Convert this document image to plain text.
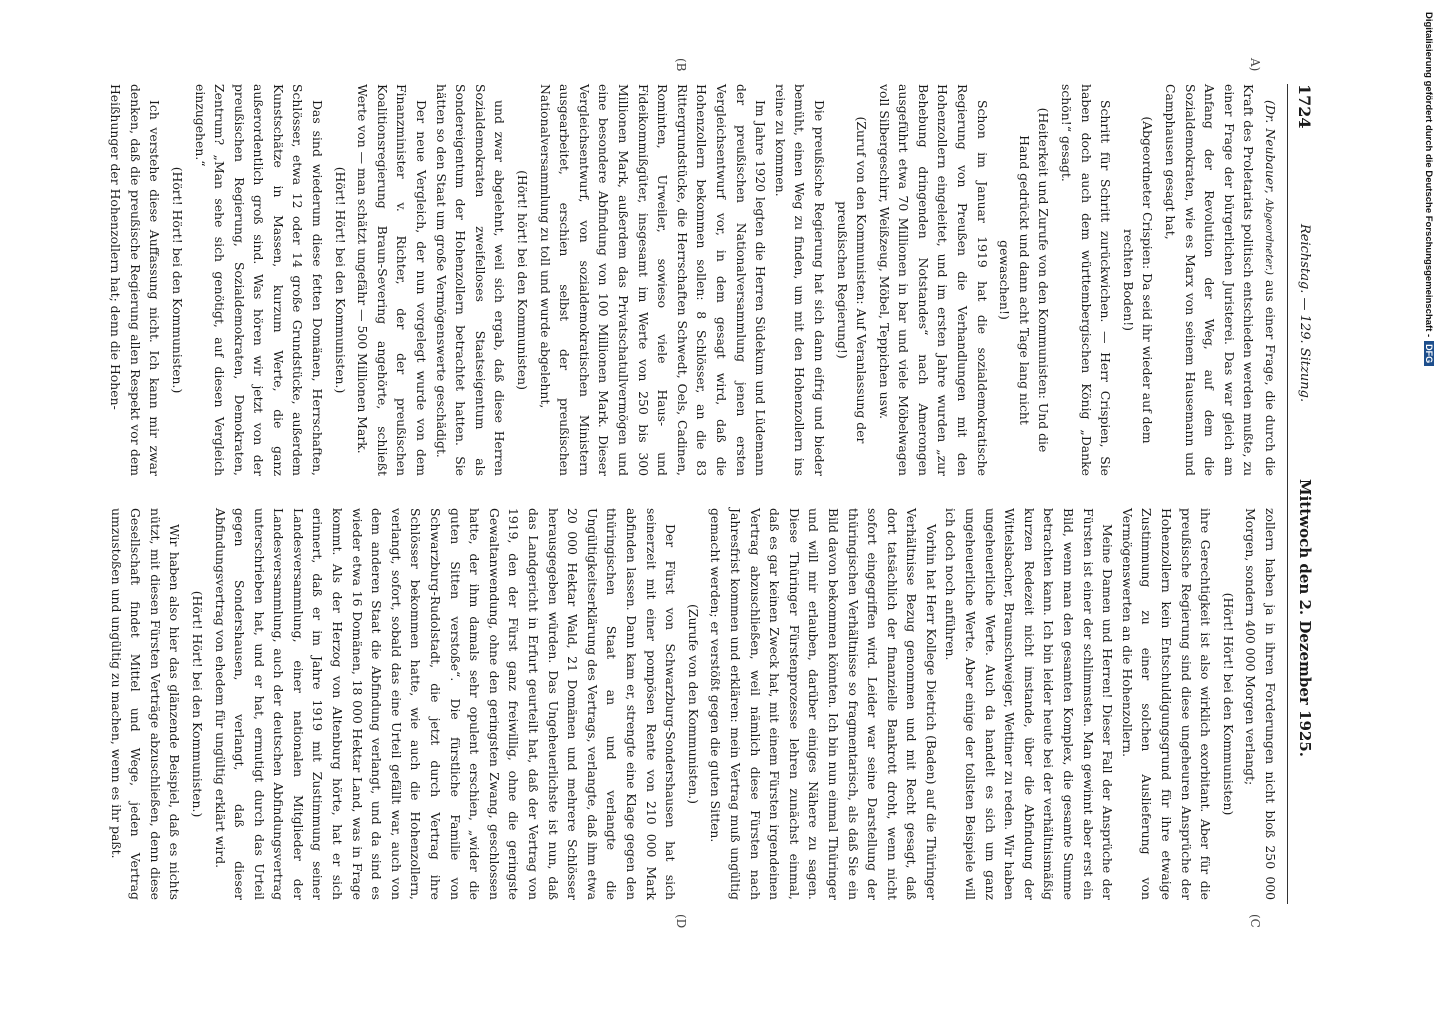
1724
Reichstag. — 129. Sitzung.
Mittwoch den 2. Dezember 1925.
A)
(B
(C
(D

(Dr. Neubauer, Abgeordneter.) aus einer Frage, die durch die Kraft des Proletariats politisch entschieden werden mußte, zu einer Frage der bürgerlichen Juristerei. Das war gleich am Anfang der Revolution der Weg, auf dem die Sozialdemokraten, wie es Marx von seinem Hausemann und Camphausen gesagt hat,

(Abgeordneter Crispien: Da seid ihr wieder auf dem rechten Boden!)

Schritt für Schritt zurückwichen. — Herr Crispien, Sie haben doch auch dem württembergischen König „Danke schön!“ gesagt.

(Heiterkeit und Zurufe von den Kommunisten: Und die Hand gedrückt und dann acht Tage lang nicht gewaschen!)

Schon im Januar 1919 hat die sozialdemokratische Regierung von Preußen die Verhandlungen mit den Hohenzollern eingeleitet, und im ersten Jahre wurden „zur Behebung dringenden Notstandes“ nach Amerongen ausgeführt etwa 70 Millionen in bar und viele Möbelwagen voll Silbergeschirr, Weißzeug, Möbel, Teppichen usw.

(Zuruf von den Kommunisten: Auf Veranlassung der preußischen Regierung!)

Die preußische Regierung hat sich dann eifrig und bieder bemüht, einen Weg zu finden, um mit den Hohenzollern ins reine zu kommen.

Im Jahre 1920 legten die Herren Südekum und Lüdemann der preußischen Nationalversammlung jenen ersten Vergleichsentwurf vor, in dem gesagt wird, daß die Hohenzollern bekommen sollen: 8 Schlösser, an die 83 Rittergrundstücke, die Herrschaften Schwedt, Oels, Cadinen, Rominten, Urweiler, sowieso viele Haus- und Fideikommißgüter, insgesamt im Werte von 250 bis 300 Millionen Mark, außerdem das Privatschatullvermögen und eine besondere Abfindung von 100 Millionen Mark. Dieser Vergleichsentwurf, von sozialdemokratischen Ministern ausgearbeitet, erschien selbst der preußischen Nationalversammlung zu toll und wurde abgelehnt,

(Hört! hört! bei den Kommunisten)

und zwar abgelehnt, weil sich ergab, daß diese Herren Sozialdemokraten zweifelloses Staatseigentum als Sondereigentum der Hohenzollern betrachtet hatten. Sie hätten so den Staat um große Vermögenswerte geschädigt.

Der neue Vergleich, der nun vorgelegt wurde von dem Finanzminister v. Richter, der der preußischen Koalitionsregierung Braun-Severing angehörte, schließt Werte von — man schätzt ungefähr — 500 Millionen Mark.

(Hört! Hört! bei den Kommunisten.)

Das sind wiederum diese fetten Domänen, Herrschaften, Schlösser, etwa 12 oder 14 große Grundstücke, außerdem Kunstschätze in Massen, kurzum Werte, die ganz außerordentlich groß sind. Was hören wir jetzt von der preußischen Regierung, Sozialdemokraten, Demokraten, Zentrum? „Man sehe sich genötigt, auf diesen Vergleich einzugehen.“

(Hört! Hört! bei den Kommunisten.)

Ich verstehe diese Auffassung nicht. Ich kann mir zwar denken, daß die preußische Regierung allen Respekt vor dem Heißhunger der Hohenzollern hat; denn die Hohen-

zollern haben ja in ihren Forderungen nicht bloß 250 000 Morgen, sondern 400 000 Morgen verlangt;

(Hört! Hört! bei den Kommunisten)

ihre Gerechtigkeit ist also wirklich exorbitant. Aber für die preußische Regierung sind diese ungeheuren Ansprüche der Hohenzollern kein Entschuldigungsgrund für ihre etwaige Zustimmung zu einer solchen Auslieferung von Vermögenswerten an die Hohenzollern.

Meine Damen und Herren! Dieser Fall der Ansprüche der Fürsten ist einer der schlimmsten. Man gewinnt aber erst ein Bild, wenn man den gesamten Komplex, die gesamte Summe betrachten kann. Ich bin leider heute bei der verhältnismäßig kurzen Redezeit nicht imstande, über die Abfindung der Wittelsbacher, Braunschweiger, Wettiner zu reden. Wir haben ungeheuerliche Werte. Auch da handelt es sich um ganz ungeheuerliche Werte. Aber einige der tollsten Beispiele will ich doch noch anführen.

Vorhin hat Herr Kollege Dietrich (Baden) auf die Thüringer Verhältnisse Bezug genommen und mit Recht gesagt, daß dort tatsächlich der finanzielle Bankrott droht, wenn nicht sofort eingegriffen wird. Leider war seine Darstellung der thüringischen Verhältnisse so fragmentarisch, als daß Sie ein Bild davon bekommen könnten. Ich bin nun einmal Thüringer und will mir erlauben, darüber einiges Nähere zu sagen. Diese Thüringer Fürstenprozesse lehren zunächst einmal, daß es gar keinen Zweck hat, mit einem Fürsten irgendeinen Vertrag abzuschließen, weil nämlich diese Fürsten nach Jahresfrist kommen und erklären: mein Vertrag muß ungültig gemacht werden; er verstößt gegen die guten Sitten.

(Zurufe von den Kommunisten.)

Der Fürst von Schwarzburg-Sondershausen hat sich seinerzeit mit einer pompösen Rente von 210 000 Mark abfinden lassen. Dann kam er, strengte eine Klage gegen den thüringischen Staat an und verlangte die Ungültigkeitserklärung des Vertrags, verlangte, daß ihm etwa 20 000 Hektar Wald, 21 Domänen und mehrere Schlösser herausgegeben würden. Das Ungeheuerlichste ist nun, daß das Landgericht in Erfurt geurteilt hat, daß der Vertrag von 1919, den der Fürst ganz freiwillig, ohne die geringste Gewaltanwendung, ohne den geringsten Zwang, geschlossen hatte, der ihm damals sehr opulent erschien, „wider die guten Sitten verstoße“. Die fürstliche Familie von Schwarzburg-Rudolstadt, die jetzt durch Vertrag ihre Schlösser bekommen hatte, wie auch die Hohenzollern, verlangt, sofort, sobald das eine Urteil gefällt war, auch von dem anderen Staat die Abfindung verlangt, und da sind es wieder etwa 16 Domänen, 18 000 Hektar Land, was in Frage kommt. Als der Herzog von Altenburg hörte, hat er sich erinnert, daß er im Jahre 1919 mit Zustimmung seiner Landesversammlung, einer nationalen Mitglieder der Landesversammlung, auch der deutschen Abfindungsvertrag unterschrieben hat, und er hat, ermutigt durch das Urteil gegen Sondershausen, verlangt, daß dieser Abfindungsvertrag von ehedem für ungültig erklärt wird.

(Hört! Hört! bei den Kommunisten.)

Wir haben also hier das glänzende Beispiel, daß es nichts nützt, mit diesen Fürsten Verträge abzuschließen, denn diese Gesellschaft findet Mittel und Wege, jeden Vertrag umzustoßen und ungültig zu machen, wenn es ihr paßt.

Digitalisierung gefördert durch die Deutsche Forschungsgemeinschaft -DFG
